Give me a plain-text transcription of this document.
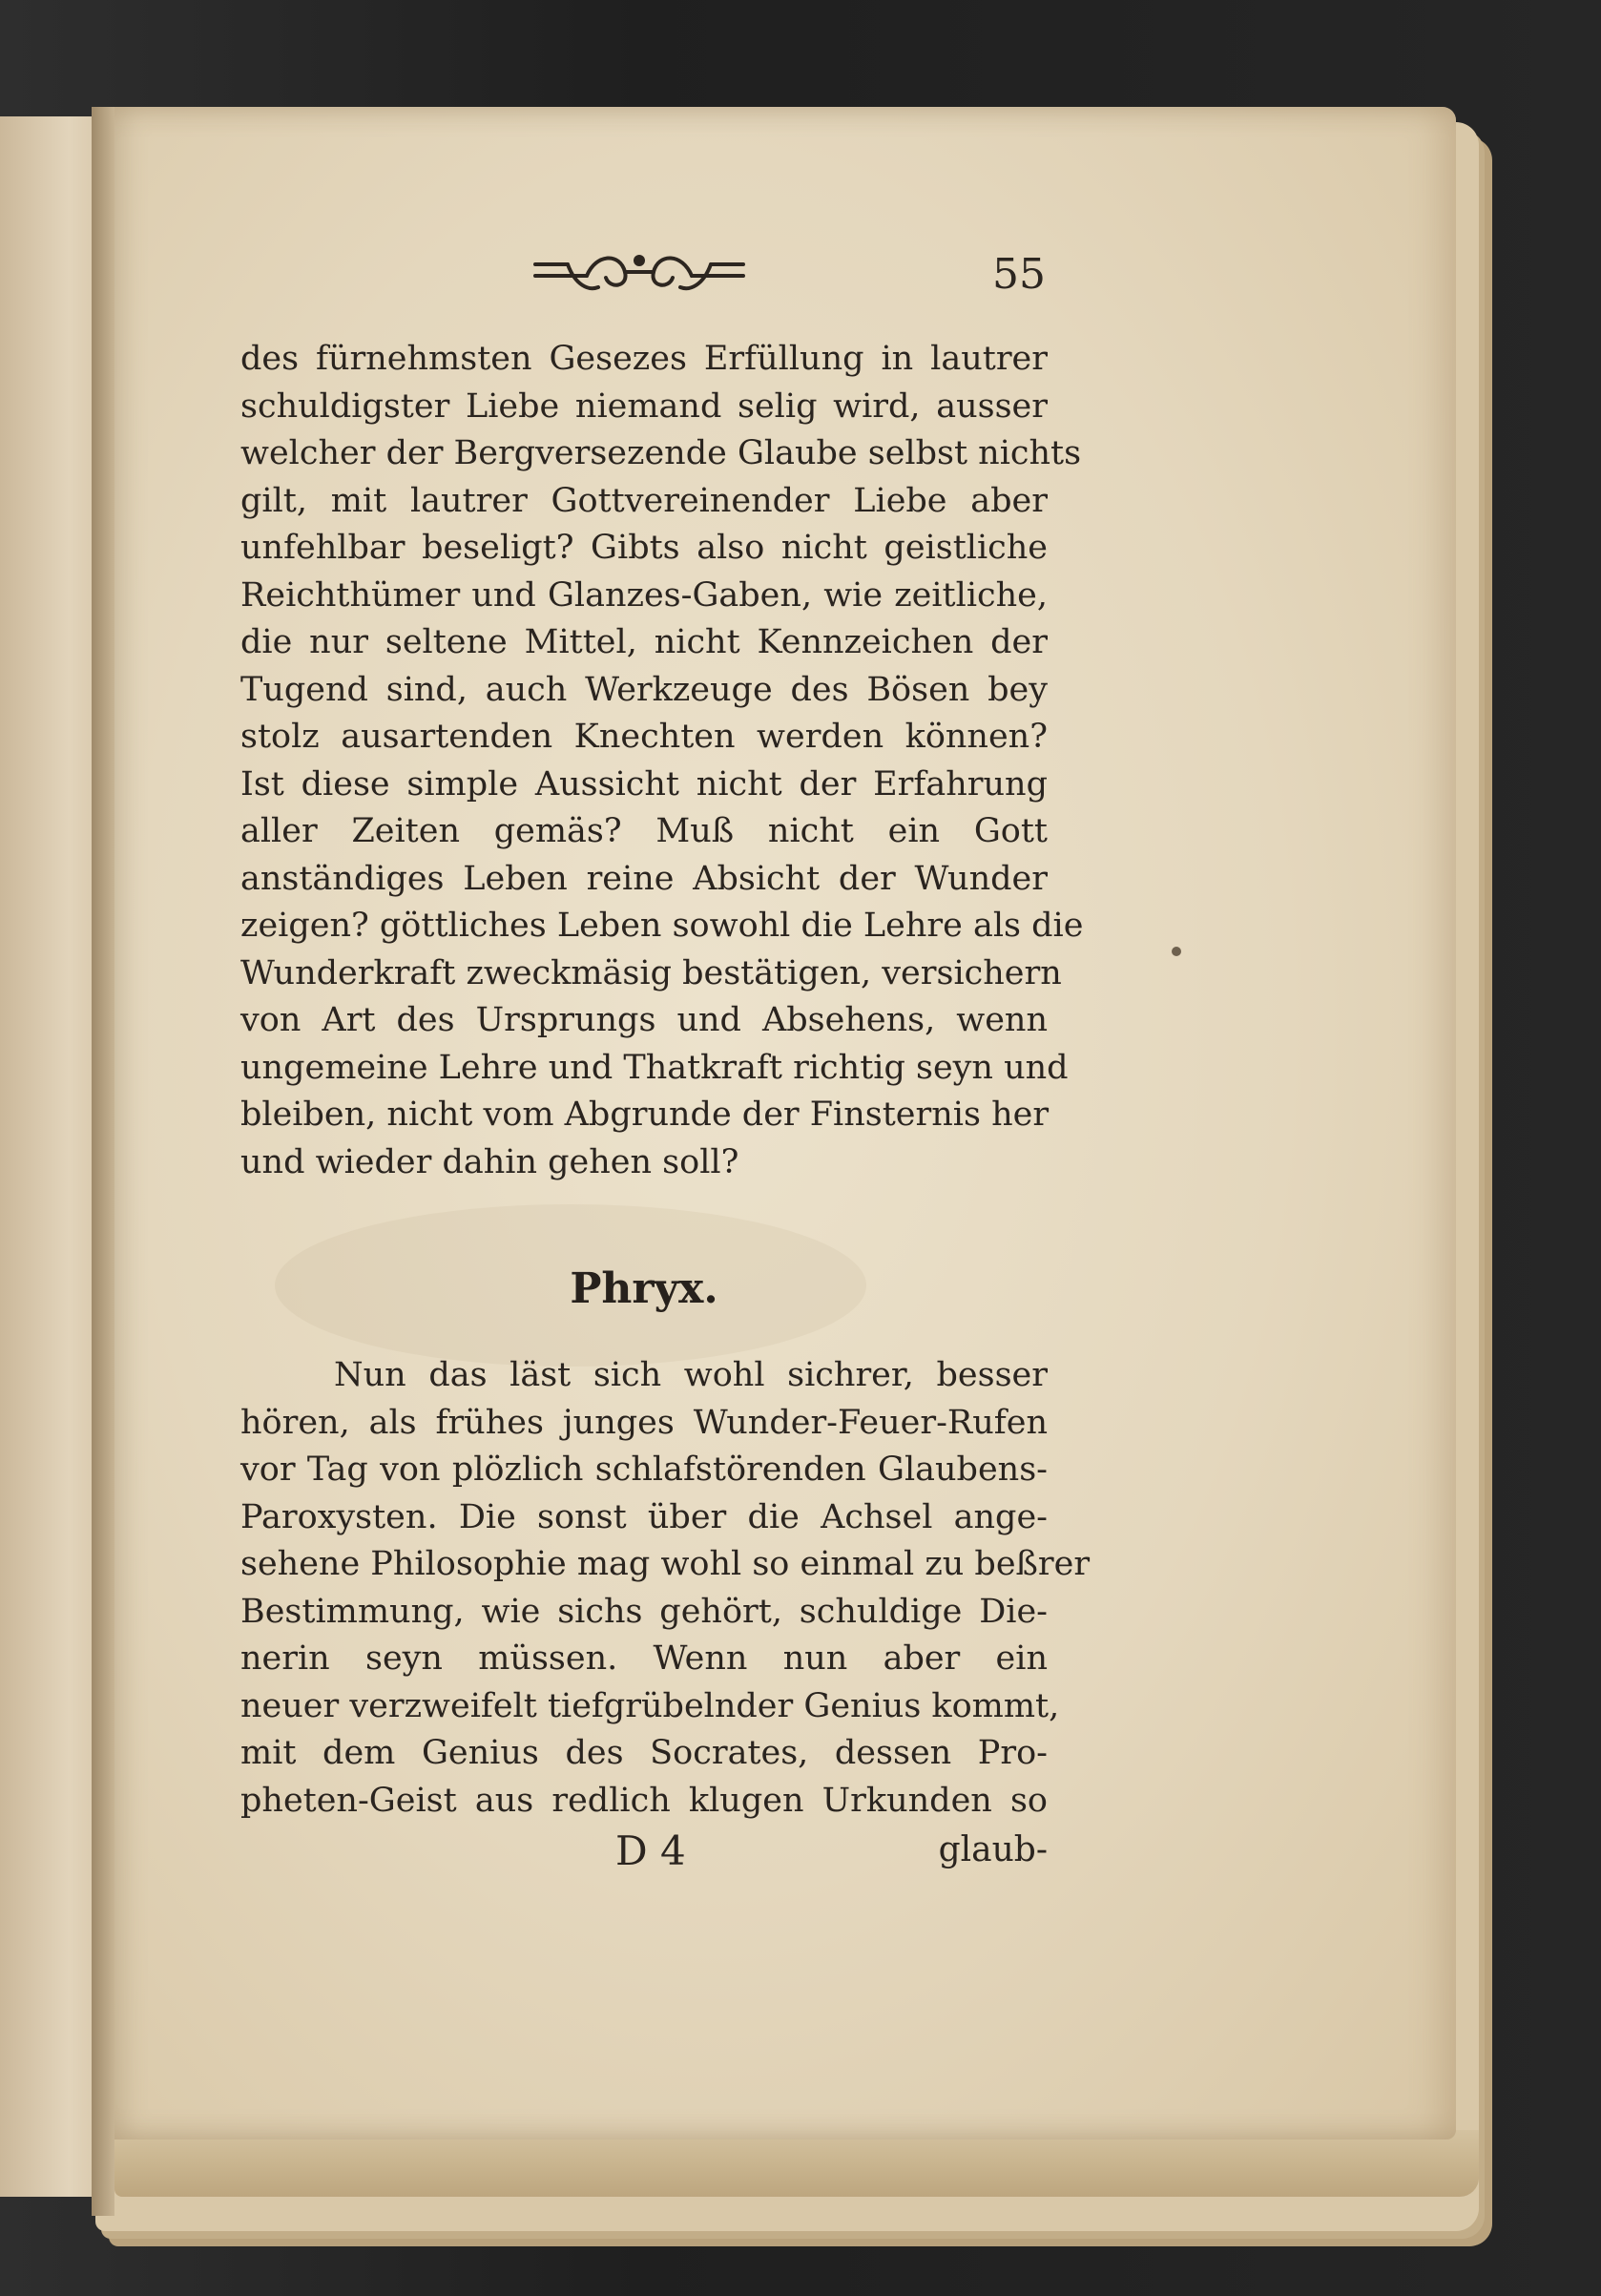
55
des fürnehmsten Gesezes Erfüllung in lautrer
schuldigster Liebe niemand selig wird, ausser
welcher der Bergversezende Glaube selbst nichts
gilt, mit lautrer Gottvereinender Liebe aber
unfehlbar beseligt? Gibts also nicht geistliche
Reichthümer und Glanzes-Gaben, wie zeitliche,
die nur seltene Mittel, nicht Kennzeichen der
Tugend sind, auch Werkzeuge des Bösen bey
stolz ausartenden Knechten werden können?
Ist diese simple Aussicht nicht der Erfahrung
aller Zeiten gemäs? Muß nicht ein Gott
anständiges Leben reine Absicht der Wunder
zeigen? göttliches Leben sowohl die Lehre als die
Wunderkraft zweckmäsig bestätigen, versichern
von Art des Ursprungs und Absehens, wenn
ungemeine Lehre und Thatkraft richtig seyn und
bleiben, nicht vom Abgrunde der Finsternis her
und wieder dahin gehen soll?
Phryx.
Nun das läst sich wohl sichrer, besser
hören, als frühes junges Wunder-Feuer-Rufen
vor Tag von plözlich schlafstörenden Glaubens-
Paroxysten. Die sonst über die Achsel ange-
sehene Philosophie mag wohl so einmal zu beßrer
Bestimmung, wie sichs gehört, schuldige Die-
nerin seyn müssen. Wenn nun aber ein
neuer verzweifelt tiefgrübelnder Genius kommt,
mit dem Genius des Socrates, dessen Pro-
pheten-Geist aus redlich klugen Urkunden so
D 4	glaub-
